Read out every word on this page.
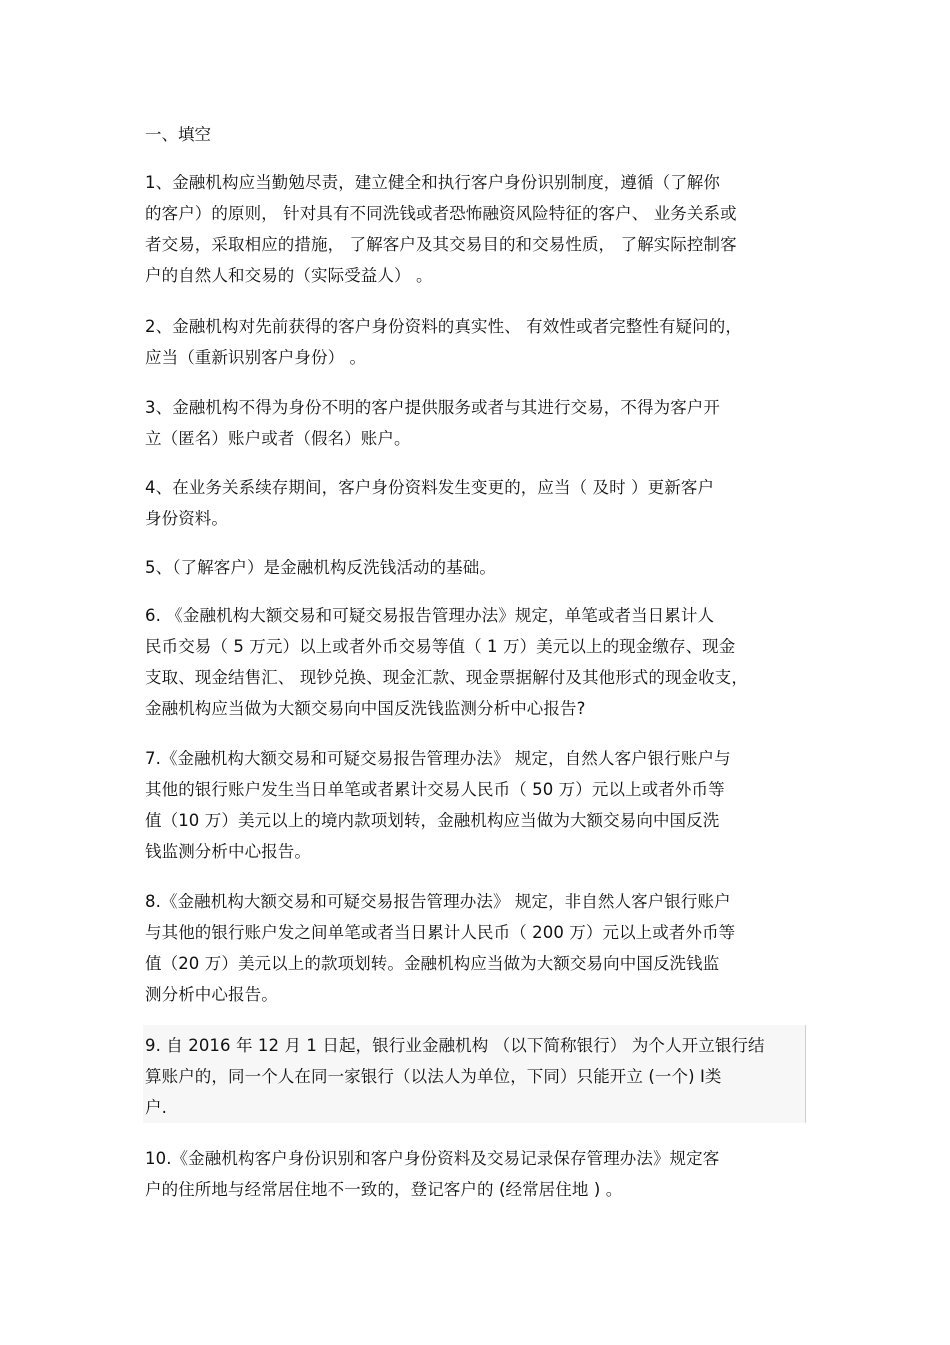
一、填空
1、金融机构应当勤勉尽责，建立健全和执行客户身份识别制度，遵循（了解你
的客户）的原则， 针对具有不同洗钱或者恐怖融资风险特征的客户、 业务关系或
者交易，采取相应的措施， 了解客户及其交易目的和交易性质， 了解实际控制客
户的自然人和交易的（实际受益人） 。
2、金融机构对先前获得的客户身份资料的真实性、 有效性或者完整性有疑问的，
应当（重新识别客户身份） 。
3、金融机构不得为身份不明的客户提供服务或者与其进行交易，不得为客户开
立（匿名）账户或者（假名）账户。
4、在业务关系续存期间，客户身份资料发生变更的，应当（ 及时 ）更新客户
身份资料。
5、（了解客户）是金融机构反洗钱活动的基础。
6. 《金融机构大额交易和可疑交易报告管理办法》规定，单笔或者当日累计人
民币交易（ 5 万元）以上或者外币交易等值（ 1 万）美元以上的现金缴存、现金
支取、现金结售汇、 现钞兑换、现金汇款、现金票据解付及其他形式的现金收支，
金融机构应当做为大额交易向中国反洗钱监测分析中心报告?
7.《金融机构大额交易和可疑交易报告管理办法》 规定，自然人客户银行账户与
其他的银行账户发生当日单笔或者累计交易人民币（ 50 万）元以上或者外币等
值（10 万）美元以上的境内款项划转，金融机构应当做为大额交易向中国反洗
钱监测分析中心报告。
8.《金融机构大额交易和可疑交易报告管理办法》 规定，非自然人客户银行账户
与其他的银行账户发之间单笔或者当日累计人民币（ 200 万）元以上或者外币等
值（20 万）美元以上的款项划转。金融机构应当做为大额交易向中国反洗钱监
测分析中心报告。
9. 自 2016 年 12 月 1 日起，银行业金融机构 （以下简称银行） 为个人开立银行结
算账户的，同一个人在同一家银行（以法人为单位，下同）只能开立 (一个) Ⅰ类
户.
10.《金融机构客户身份识别和客户身份资料及交易记录保存管理办法》规定客
户的住所地与经常居住地不一致的，登记客户的 (经常居住地 ) 。
